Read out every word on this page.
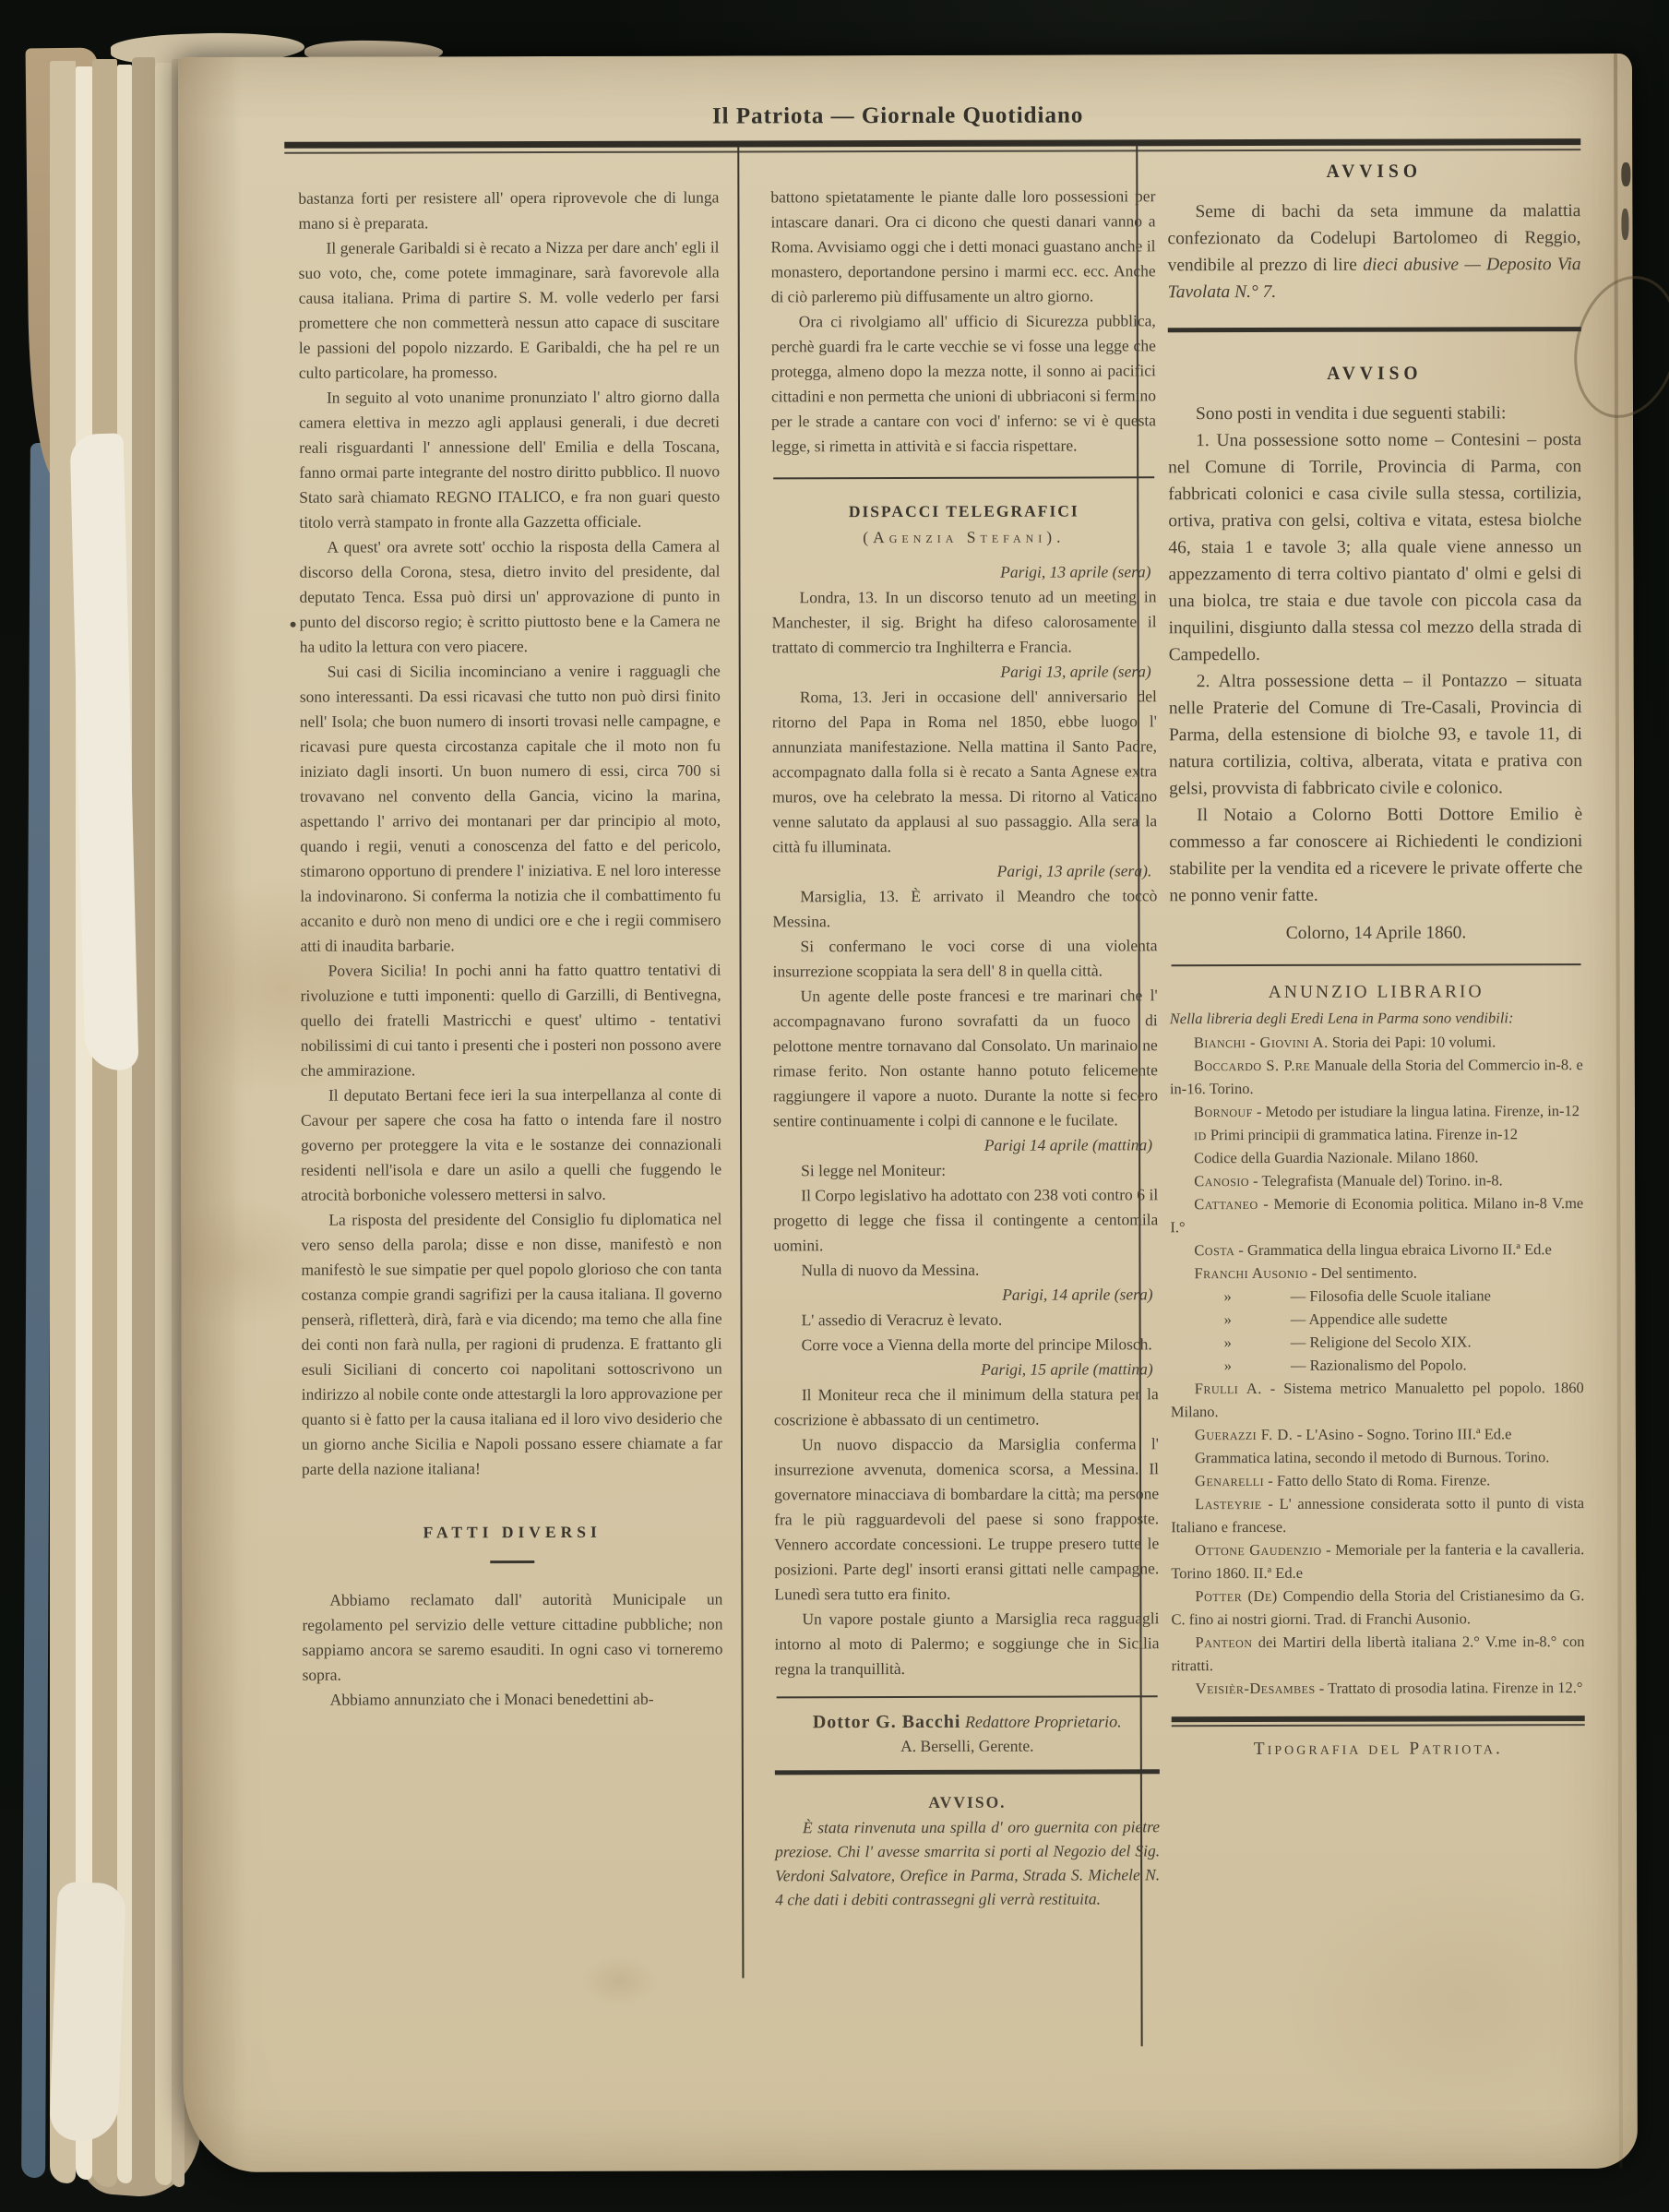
Il Patriota — Giornale Quotidiano

bastanza forti per resistere all' opera riprovevole che di lunga mano si è preparata.

Il generale Garibaldi si è recato a Nizza per dare anch' egli il suo voto, che, come potete immaginare, sarà favorevole alla causa italiana. Prima di partire S. M. volle vederlo per farsi promettere che non commetterà nessun atto capace di suscitare le passioni del popolo nizzardo. E Garibaldi, che ha pel re un culto particolare, ha promesso.

In seguito al voto unanime pronunziato l' altro giorno dalla camera elettiva in mezzo agli applausi generali, i due decreti reali risguardanti l' annessione dell' Emilia e della Toscana, fanno ormai parte integrante del nostro diritto pubblico. Il nuovo Stato sarà chiamato REGNO ITALICO, e fra non guari questo titolo verrà stampato in fronte alla Gazzetta officiale.

A quest' ora avrete sott' occhio la risposta della Camera al discorso della Corona, stesa, dietro invito del presidente, dal deputato Tenca. Essa può dirsi un' approvazione di punto in punto del discorso regio; è scritto piuttosto bene e la Camera ne ha udito la lettura con vero piacere.

Sui casi di Sicilia incominciano a venire i ragguagli che sono interessanti. Da essi ricavasi che tutto non può dirsi finito nell' Isola; che buon numero di insorti trovasi nelle campagne, e ricavasi pure questa circostanza capitale che il moto non fu iniziato dagli insorti. Un buon numero di essi, circa 700 si trovavano nel convento della Gancia, vicino la marina, aspettando l' arrivo dei montanari per dar principio al moto, quando i regii, venuti a conoscenza del fatto e del pericolo, stimarono opportuno di prendere l' iniziativa. E nel loro interesse la indovinarono. Si conferma la notizia che il combattimento fu accanito e durò non meno di undici ore e che i regii commisero atti di inaudita barbarie.

Povera Sicilia! In pochi anni ha fatto quattro tentativi di rivoluzione e tutti imponenti: quello di Garzilli, di Bentivegna, quello dei fratelli Mastricchi e quest' ultimo - tentativi nobilissimi di cui tanto i presenti che i posteri non possono avere che ammirazione.

Il deputato Bertani fece ieri la sua interpellanza al conte di Cavour per sapere che cosa ha fatto o intenda fare il nostro governo per proteggere la vita e le sostanze dei connazionali residenti nell'isola e dare un asilo a quelli che fuggendo le atrocità borboniche volessero mettersi in salvo.

La risposta del presidente del Consiglio fu diplomatica nel vero senso della parola; disse e non disse, manifestò e non manifestò le sue simpatie per quel popolo glorioso che con tanta costanza compie grandi sagrifizi per la causa italiana. Il governo penserà, rifletterà, dirà, farà e via dicendo; ma temo che alla fine dei conti non farà nulla, per ragioni di prudenza. E frattanto gli esuli Siciliani di concerto coi napolitani sottoscrivono un indirizzo al nobile conte onde attestargli la loro approvazione per quanto si è fatto per la causa italiana ed il loro vivo desiderio che un giorno anche Sicilia e Napoli possano essere chiamate a far parte della nazione italiana!

FATTI DIVERSI

Abbiamo reclamato dall' autorità Municipale un regolamento pel servizio delle vetture cittadine pubbliche; non sappiamo ancora se saremo esauditi. In ogni caso vi torneremo sopra.

Abbiamo annunziato che i Monaci benedettini ab-

battono spietatamente le piante dalle loro possessioni per intascare danari. Ora ci dicono che questi danari vanno a Roma. Avvisiamo oggi che i detti monaci guastano anche il monastero, deportandone persino i marmi ecc. ecc. Anche di ciò parleremo più diffusamente un altro giorno.

Ora ci rivolgiamo all' ufficio di Sicurezza pubblica, perchè guardi fra le carte vecchie se vi fosse una legge che protegga, almeno dopo la mezza notte, il sonno ai pacifici cittadini e non permetta che unioni di ubbriaconi si fermino per le strade a cantare con voci d' inferno: se vi è questa legge, si rimetta in attività e si faccia rispettare.

DISPACCI TELEGRAFICI

(Agenzia Stefani).

Parigi, 13 aprile (sera)

Londra, 13. In un discorso tenuto ad un meeting in Manchester, il sig. Bright ha difeso calorosamente il trattato di commercio tra Inghilterra e Francia.

Parigi 13, aprile (sera)

Roma, 13. Jeri in occasione dell' anniversario del ritorno del Papa in Roma nel 1850, ebbe luogo l' annunziata manifestazione. Nella mattina il Santo Padre, accompagnato dalla folla si è recato a Santa Agnese extra muros, ove ha celebrato la messa. Di ritorno al Vaticano venne salutato da applausi al suo passaggio. Alla sera la città fu illuminata.

Parigi, 13 aprile (sera).

Marsiglia, 13. È arrivato il Meandro che toccò Messina.

Si confermano le voci corse di una violenta insurrezione scoppiata la sera dell' 8 in quella città.

Un agente delle poste francesi e tre marinari che l' accompagnavano furono sovrafatti da un fuoco di pelottone mentre tornavano dal Consolato. Un marinaio ne rimase ferito. Non ostante hanno potuto felicemente raggiungere il vapore a nuoto. Durante la notte si fecero sentire continuamente i colpi di cannone e le fucilate.

Parigi 14 aprile (mattina)

Si legge nel Moniteur:

Il Corpo legislativo ha adottato con 238 voti contro 6 il progetto di legge che fissa il contingente a centomila uomini.

Nulla di nuovo da Messina.

Parigi, 14 aprile (sera)

L' assedio di Veracruz è levato.

Corre voce a Vienna della morte del principe Milosch.

Parigi, 15 aprile (mattina)

Il Moniteur reca che il minimum della statura per la coscrizione è abbassato di un centimetro.

Un nuovo dispaccio da Marsiglia conferma l' insurrezione avvenuta, domenica scorsa, a Messina. Il governatore minacciava di bombardare la città; ma persone fra le più ragguardevoli del paese si sono frapposte. Vennero accordate concessioni. Le truppe presero tutte le posizioni. Parte degl' insorti eransi gittati nelle campagne. Lunedì sera tutto era finito.

Un vapore postale giunto a Marsiglia reca ragguagli intorno al moto di Palermo; e soggiunge che in Sicilia regna la tranquillità.

Dottor G. Bacchi Redattore Proprietario.

A. Berselli, Gerente.

AVVISO.

È stata rinvenuta una spilla d' oro guernita con pietre preziose. Chi l' avesse smarrita si porti al Negozio del Sig. Verdoni Salvatore, Orefice in Parma, Strada S. Michele N. 4 che dati i debiti contrassegni gli verrà restituita.

AVVISO

Seme di bachi da seta immune da malattia confezionato da Codelupi Bartolomeo di Reggio, vendibile al prezzo di lire dieci abusive — Deposito Via Tavolata N.° 7.

AVVISO

Sono posti in vendita i due seguenti stabili:

1. Una possessione sotto nome – Contesini – posta nel Comune di Torrile, Provincia di Parma, con fabbricati colonici e casa civile sulla stessa, cortilizia, ortiva, prativa con gelsi, coltiva e vitata, estesa biolche 46, staia 1 e tavole 3; alla quale viene annesso un appezzamento di terra coltivo piantato d' olmi e gelsi di una biolca, tre staia e due tavole con piccola casa da inquilini, disgiunto dalla stessa col mezzo della strada di Campedello.

2. Altra possessione detta – il Pontazzo – situata nelle Praterie del Comune di Tre-Casali, Provincia di Parma, della estensione di biolche 93, e tavole 11, di natura cortilizia, coltiva, alberata, vitata e prativa con gelsi, provvista di fabbricato civile e colonico.

Il Notaio a Colorno Botti Dottore Emilio è commesso a far conoscere ai Richiedenti le condizioni stabilite per la vendita ed a ricevere le private offerte che ne ponno venir fatte.

Colorno, 14 Aprile 1860.

ANUNZIO LIBRARIO

Nella libreria degli Eredi Lena in Parma sono vendibili:

Bianchi - Giovini A. Storia dei Papi: 10 volumi.

Boccardo S. P.re Manuale della Storia del Commercio in-8. e in-16. Torino.

Bornouf - Metodo per istudiare la lingua latina. Firenze, in-12

id Primi principii di grammatica latina. Firenze in-12

Codice della Guardia Nazionale. Milano 1860.

Canosio - Telegrafista (Manuale del) Torino. in-8.

Cattaneo - Memorie di Economia politica. Milano in-8 V.me I.°

Costa - Grammatica della lingua ebraica Livorno II.ª Ed.e

Franchi Ausonio - Del sentimento.

»	— Filosofia delle Scuole italiane

»	— Appendice alle sudette

»	— Religione del Secolo XIX.

»	— Razionalismo del Popolo.

Frulli A. - Sistema metrico Manualetto pel popolo. 1860 Milano.

Guerazzi F. D. - L'Asino - Sogno. Torino III.ª Ed.e

Grammatica latina, secondo il metodo di Burnous. Torino.

Genarelli - Fatto dello Stato di Roma. Firenze.

Lasteyrie - L' annessione considerata sotto il punto di vista Italiano e francese.

Ottone Gaudenzio - Memoriale per la fanteria e la cavalleria. Torino 1860. II.ª Ed.e

Potter (De) Compendio della Storia del Cristianesimo da G. C. fino ai nostri giorni. Trad. di Franchi Ausonio.

Panteon dei Martiri della libertà italiana 2.° V.me in-8.° con ritratti.

Veisièr-Desambes - Trattato di prosodia latina. Firenze in 12.°

Tipografia del Patriota.
